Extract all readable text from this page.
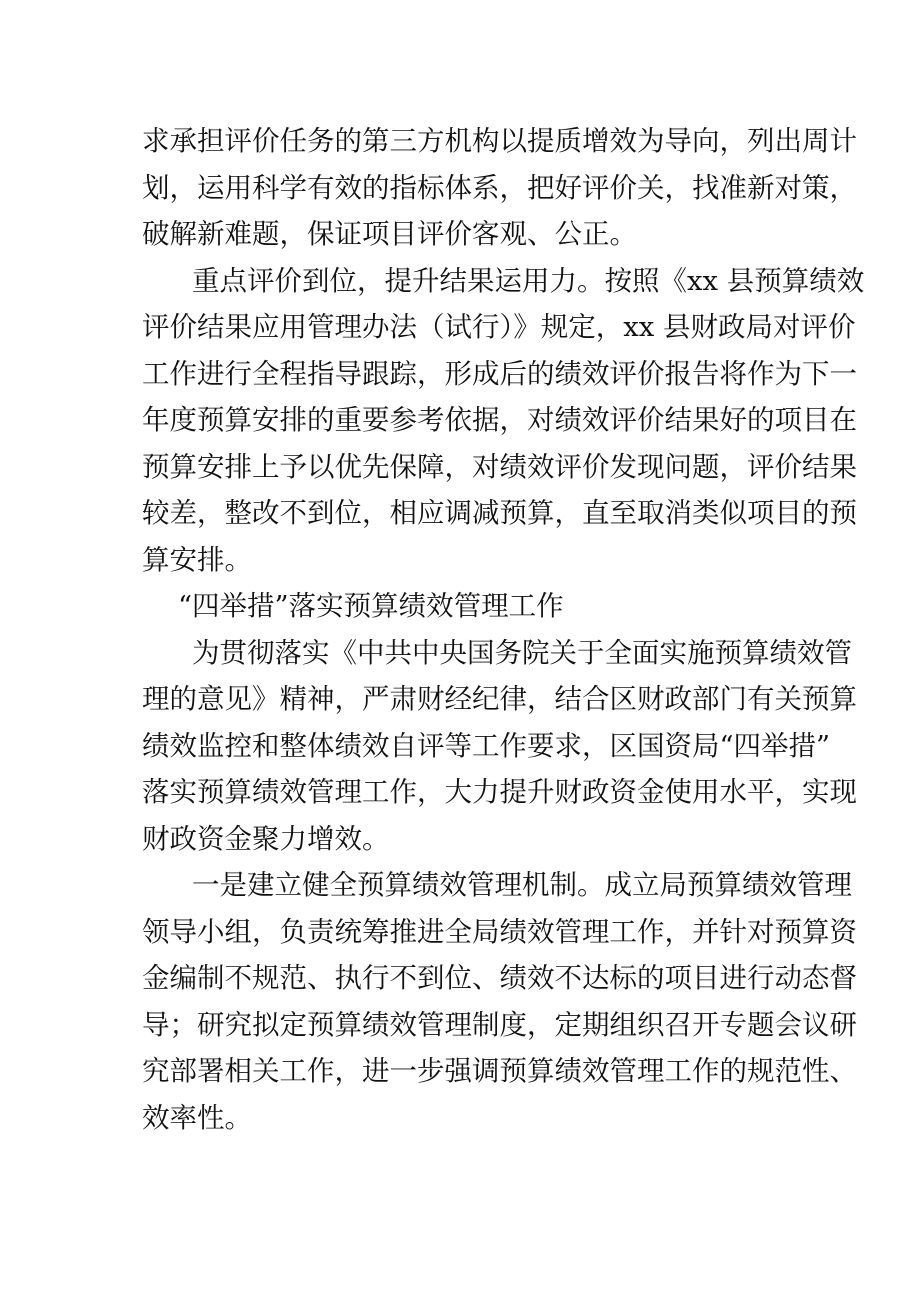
求承担评价任务的第三方机构以提质增效为导向，列出周计
划，运用科学有效的指标体系，把好评价关，找准新对策，
破解新难题，保证项目评价客观、公正。
重点评价到位，提升结果运用力。按照《xx 县预算绩效
评价结果应用管理办法（试行）》规定，xx 县财政局对评价
工作进行全程指导跟踪，形成后的绩效评价报告将作为下一
年度预算安排的重要参考依据，对绩效评价结果好的项目在
预算安排上予以优先保障，对绩效评价发现问题，评价结果
较差，整改不到位，相应调减预算，直至取消类似项目的预
算安排。
“四举措”落实预算绩效管理工作
为贯彻落实《中共中央国务院关于全面实施预算绩效管
理的意见》精神，严肃财经纪律，结合区财政部门有关预算
绩效监控和整体绩效自评等工作要求，区国资局“四举措”
落实预算绩效管理工作，大力提升财政资金使用水平，实现
财政资金聚力增效。
一是建立健全预算绩效管理机制。成立局预算绩效管理
领导小组，负责统筹推进全局绩效管理工作，并针对预算资
金编制不规范、执行不到位、绩效不达标的项目进行动态督
导；研究拟定预算绩效管理制度，定期组织召开专题会议研
究部署相关工作，进一步强调预算绩效管理工作的规范性、
效率性。
